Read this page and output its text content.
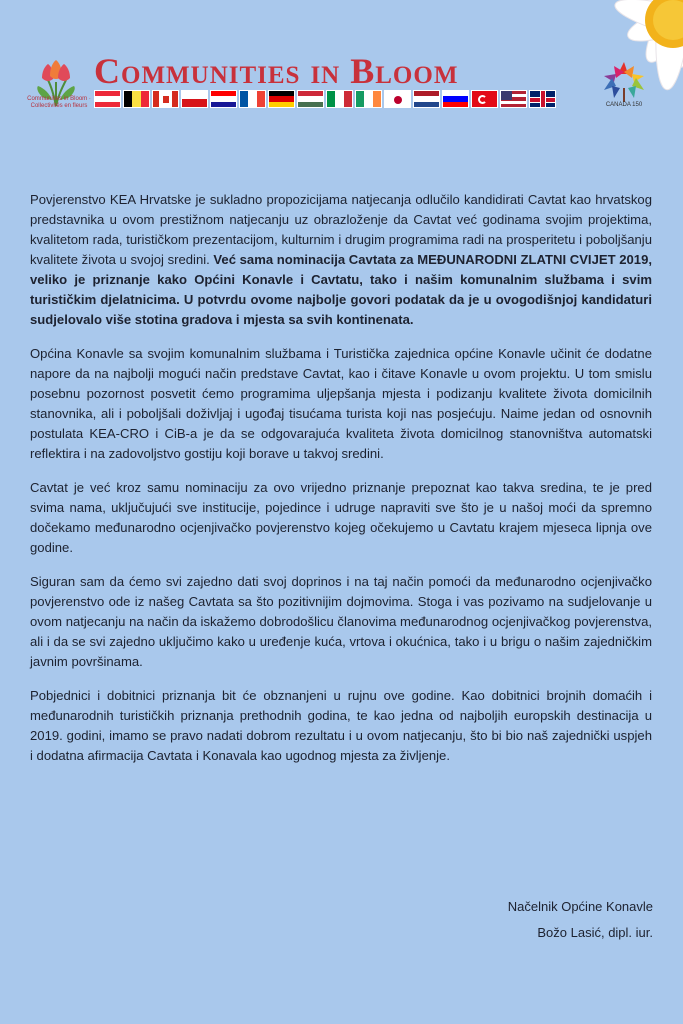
Communities in Bloom · Collectivités en fleurs
Communities in Bloom
CANADA 150

Povjerenstvo KEA Hrvatske je sukladno propozicijama natjecanja odlučilo kandidirati Cavtat kao hrvatskog predstavnika u ovom prestižnom natjecanju uz obrazloženje da Cavtat već godinama svojim projektima, kvalitetom rada, turističkom prezentacijom, kulturnim i drugim programima radi na prosperitetu i poboljšanju kvalitete života u svojoj sredini. Već sama nominacija Cavtata za MEĐUNARODNI ZLATNI CVIJET 2019, veliko je priznanje kako Općini Konavle i Cavtatu, tako i našim komunalnim službama i svim turističkim djelatnicima. U potvrdu ovome najbolje govori podatak da je u ovogodišnjoj kandidaturi sudjelovalo više stotina gradova i mjesta sa svih kontinenata.

Općina Konavle sa svojim komunalnim službama i Turistička zajednica općine Konavle učinit će dodatne napore da na najbolji mogući način predstave Cavtat, kao i čitave Konavle u ovom projektu. U tom smislu posebnu pozornost posvetit ćemo programima uljepšanja mjesta i podizanju kvalitete života domicilnih stanovnika, ali i poboljšali doživljaj i ugođaj tisućama turista koji nas posjećuju. Naime jedan od osnovnih postulata KEA-CRO i CiB-a je da se odgovarajuća kvaliteta života domicilnog stanovništva automatski reflektira i na zadovoljstvo gostiju koji borave u takvoj sredini.

Cavtat je već kroz samu nominaciju za ovo vrijedno priznanje prepoznat kao takva sredina, te je pred svima nama, uključujući sve institucije, pojedince i udruge napraviti sve što je u našoj moći da spremno dočekamo međunarodno ocjenjivačko povjerenstvo kojeg očekujemo u Cavtatu krajem mjeseca lipnja ove godine.

Siguran sam da ćemo svi zajedno dati svoj doprinos i na taj način pomoći da međunarodno ocjenjivačko povjerenstvo ode iz našeg Cavtata sa što pozitivnijim dojmovima. Stoga i vas pozivamo na sudjelovanje u ovom natjecanju na način da iskažemo dobrodošlicu članovima međunarodnog ocjenjivačkog povjerenstva, ali i da se svi zajedno uključimo kako u uređenje kuća, vrtova i okućnica, tako i u brigu o našim zajedničkim javnim površinama.

Pobjednici i dobitnici priznanja bit će obznanjeni u rujnu ove godine. Kao dobitnici brojnih domaćih i međunarodnih turističkih priznanja prethodnih godina, te kao jedna od najboljih europskih destinacija u 2019. godini, imamo se pravo nadati dobrom rezultatu i u ovom natjecanju, što bi bio naš zajednički uspjeh i dodatna afirmacija Cavtata i Konavala kao ugodnog mjesta za življenje.

Načelnik Općine Konavle
Božo Lasić, dipl. iur.
